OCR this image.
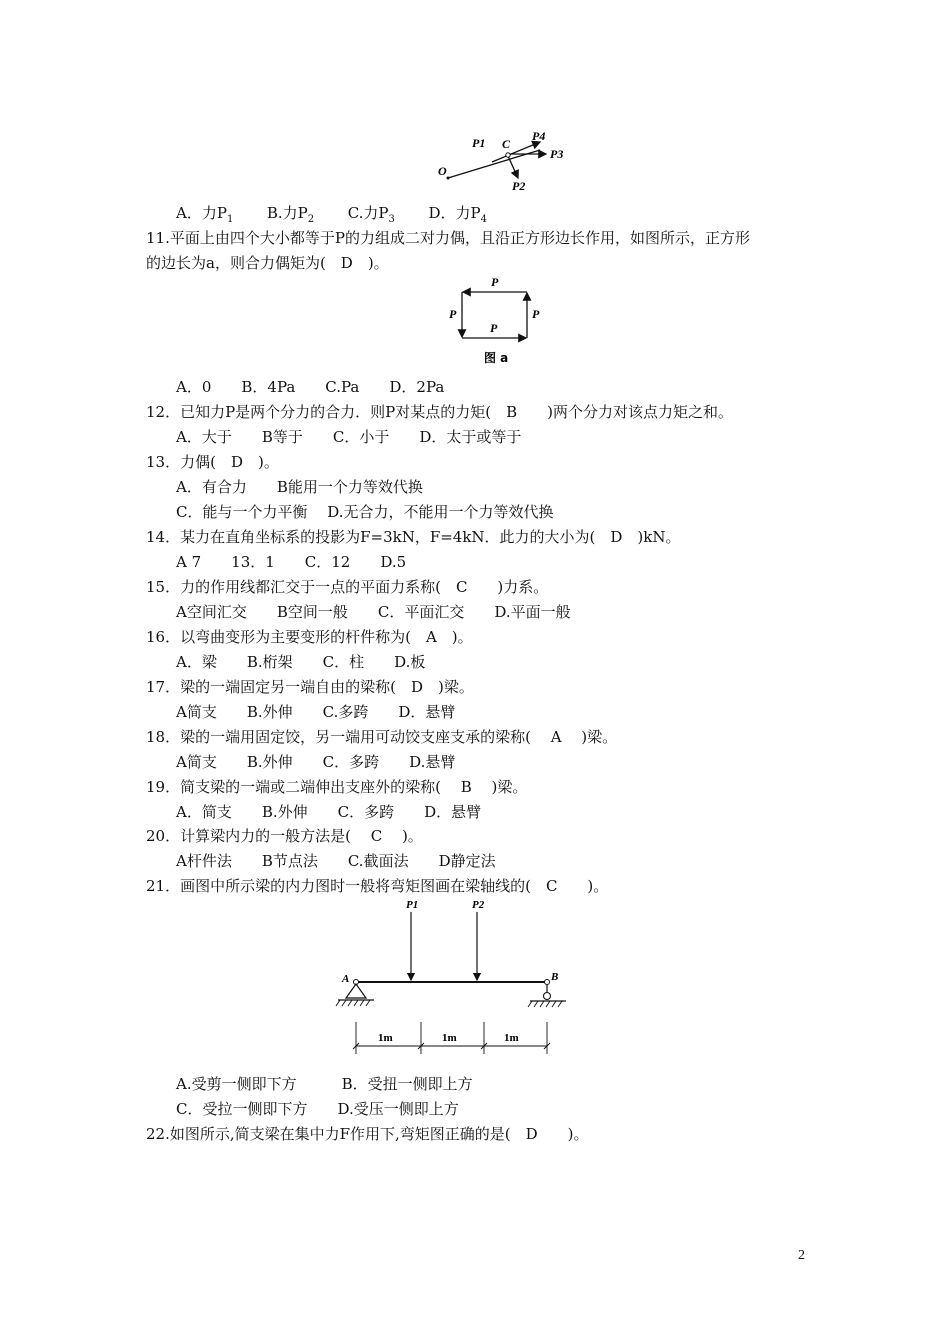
P1 C
P4
P3
O
P2
A．力$P_1$ B.力$P_2$ C.力$P_3$ D．力$P_4$
11.平面上由四个大小都等于P的力组成二对力偶，且沿正方形边长作用，如图所示，正方形
的边长为a，则合力偶矩为(　D　)。
P
P	P
P
图 a
A．0　　B．4Pa　　C.Pa　　D．2Pa
12．已知力P是两个分力的合力．则P对某点的力矩(　B　　)两个分力对该点力矩之和。
A．大于　　B等于　　C．小于　　D．太于或等于
13．力偶(　D　)。
A．有合力　　B能用一个力等效代换
C．能与一个力平衡　 D.无合力，不能用一个力等效代换
14．某力在直角坐标系的投影为F=3kN，F=4kN．此力的大小为(　D　)kN。
A 7　　13．1　　C．12　　D.5
15．力的作用线都汇交于一点的平面力系称(　C　　)力系。
A空间汇交　　B空间一般　　C．平面汇交　　D.平面一般
16．以弯曲变形为主要变形的杆件称为(　A　)。
A．梁　　B.桁架　　C．柱　　D.板
17．梁的一端固定另一端自由的梁称(　D　)梁。
A简支　　B.外伸　　C.多跨　　D．悬臂
18．梁的一端用固定饺，另一端用可动饺支座支承的梁称(　 A　 )梁。
A简支　　B.外伸　　C．多跨　　D.悬臂
19．简支梁的一端或二端伸出支座外的梁称(　 B　 )梁。
A．简支　　B.外伸　　C．多跨　　D．悬臂
20．计算梁内力的一般方法是(　 C　 )。
A杆件法　　B节点法　　C.截面法　　D静定法
21．画图中所示梁的内力图时一般将弯矩图画在梁轴线的(　C　　)。
P1	P2
A	B
1m	1m	1m
A.受剪一侧即下方　　　B．受扭一侧即上方
C．受拉一侧即下方　　D.受压一侧即上方
22.如图所示,简支梁在集中力F作用下,弯矩图正确的是(　D　　)。
2
